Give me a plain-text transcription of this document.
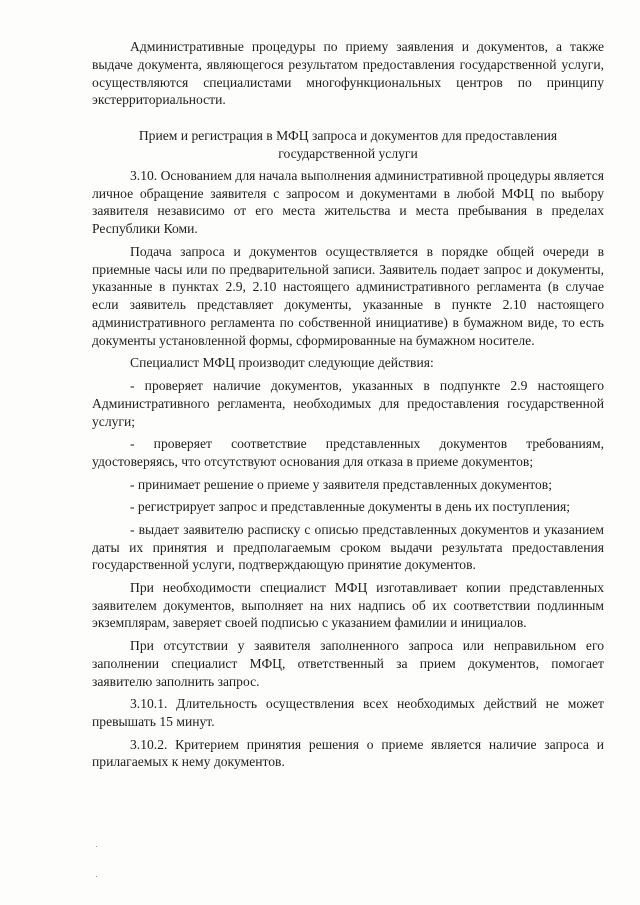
Административные процедуры по приему заявления и документов, а также выдаче документа, являющегося результатом предоставления государственной услуги, осуществляются специалистами многофункциональных центров по принципу экстерриториальности.

Прием и регистрация в МФЦ запроса и документов для предоставления государственной услуги

3.10. Основанием для начала выполнения административной процедуры является личное обращение заявителя с запросом и документами в любой МФЦ по выбору заявителя независимо от его места жительства и места пребывания в пределах Республики Коми.

Подача запроса и документов осуществляется в порядке общей очереди в приемные часы или по предварительной записи. Заявитель подает запрос и документы, указанные в пунктах 2.9, 2.10 настоящего административного регламента (в случае если заявитель представляет документы, указанные в пункте 2.10 настоящего административного регламента по собственной инициативе) в бумажном виде, то есть документы установленной формы, сформированные на бумажном носителе.

Специалист МФЦ производит следующие действия:

- проверяет наличие документов, указанных в подпункте 2.9 настоящего Административного регламента, необходимых для предоставления государственной услуги;

- проверяет соответствие представленных документов требованиям, удостоверяясь, что отсутствуют основания для отказа в приеме документов;

- принимает решение о приеме у заявителя представленных документов;

- регистрирует запрос и представленные документы в день их поступления;

- выдает заявителю расписку с описью представленных документов и указанием даты их принятия и предполагаемым сроком выдачи результата предоставления государственной услуги, подтверждающую принятие документов.

При необходимости специалист МФЦ изготавливает копии представленных заявителем документов, выполняет на них надпись об их соответствии подлинным экземплярам, заверяет своей подписью с указанием фамилии и инициалов.

При отсутствии у заявителя заполненного запроса или неправильном его заполнении специалист МФЦ, ответственный за прием документов, помогает заявителю заполнить запрос.

3.10.1. Длительность осуществления всех необходимых действий не может превышать 15 минут.

3.10.2. Критерием принятия решения о приеме является наличие запроса и прилагаемых к нему документов.
